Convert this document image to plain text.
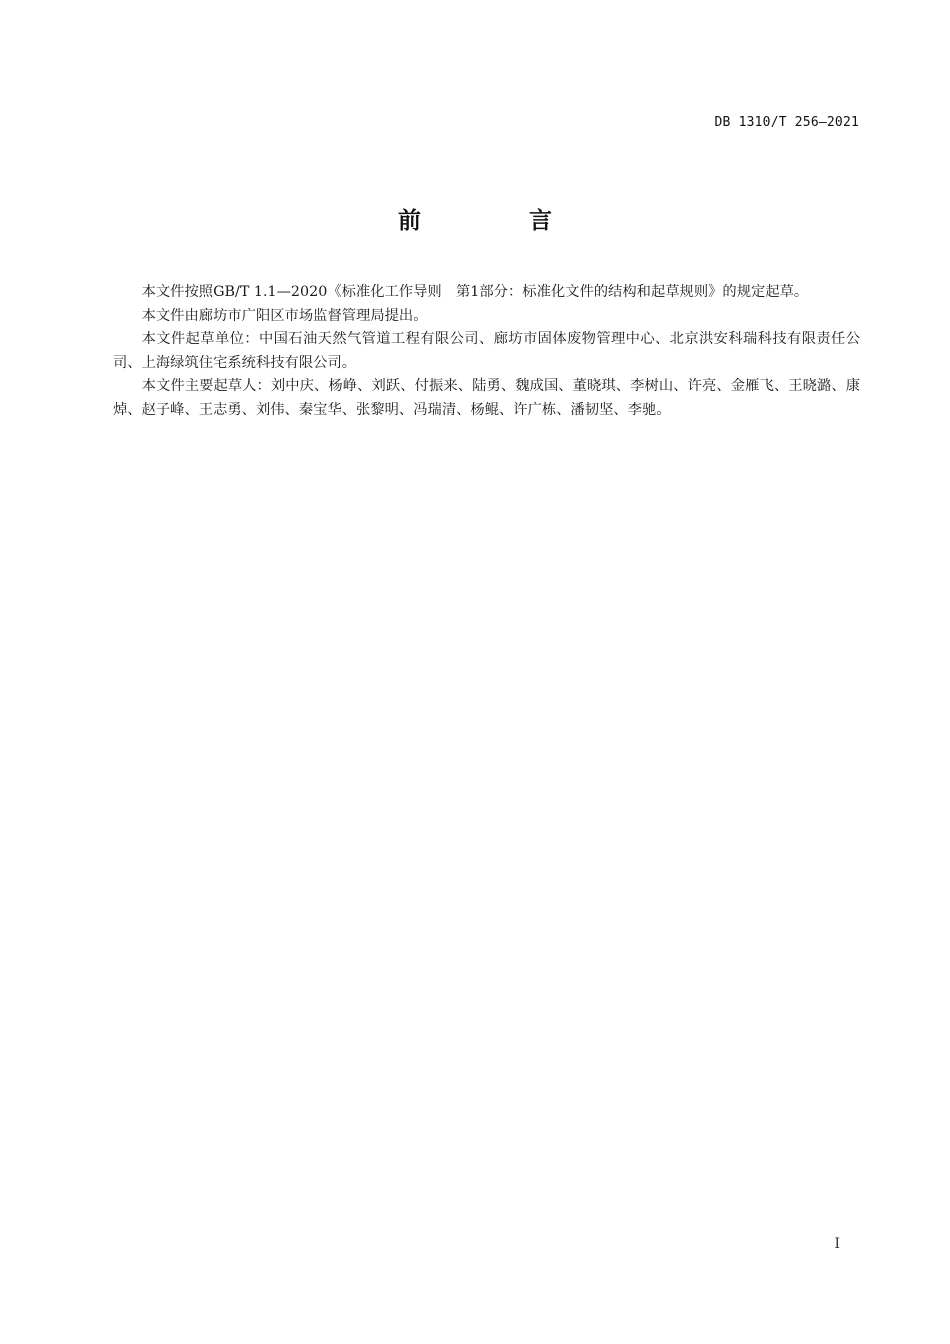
DB 1310/T 256—2021
前 言

本文件按照GB/T 1.1—2020《标准化工作导则　第1部分：标准化文件的结构和起草规则》的规定起草。

本文件由廊坊市广阳区市场监督管理局提出。

本文件起草单位：中国石油天然气管道工程有限公司、廊坊市固体废物管理中心、北京洪安科瑞科技有限责任公司、上海绿筑住宅系统科技有限公司。

本文件主要起草人：刘中庆、杨峥、刘跃、付振来、陆勇、魏成国、董晓琪、李树山、许亮、金雁飞、王晓潞、康焯、赵子峰、王志勇、刘伟、秦宝华、张黎明、冯瑞清、杨鲲、许广栋、潘韧坚、李驰。

I
